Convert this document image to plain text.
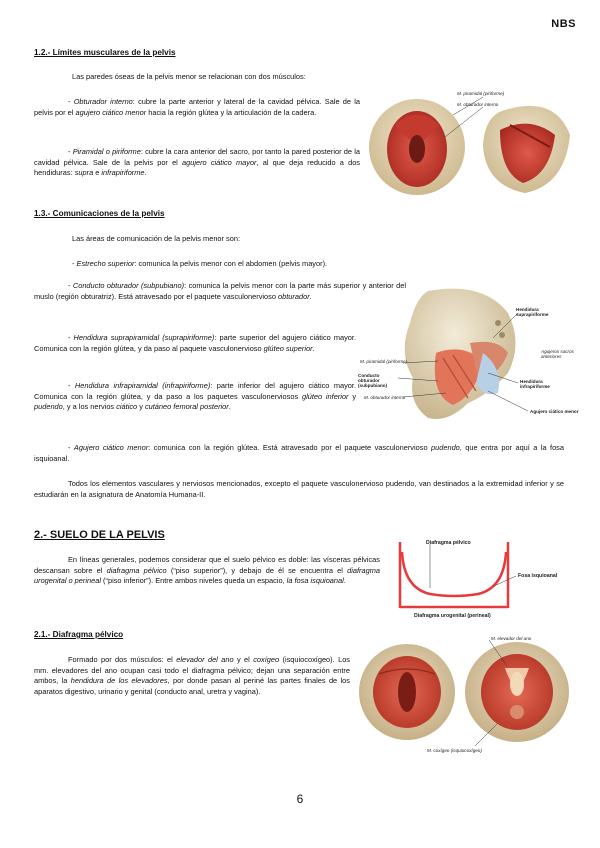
NBS
1.2.- Límites musculares de la pelvis
Las paredes óseas de la pelvis menor se relacionan con dos músculos:
- Obturador interno: cubre la parte anterior y lateral de la cavidad pélvica. Sale de la pelvis por el agujero ciático menor hacia la región glútea y la articulación de la cadera.
- Piramidal o piriforme: cubre la cara anterior del sacro, por tanto la pared posterior de la cavidad pélvica. Sale de la pelvis por el agujero ciático mayor, al que deja reducido a dos hendiduras: supra e infrapiriforme.
M. piramidal (piriforme)
M. obturador interno
1.3.- Comunicaciones de la pelvis
Las áreas de comunicación de la pelvis menor son:
- Estrecho superior: comunica la pelvis menor con el abdomen (pelvis mayor).
- Conducto obturador (subpubiano): comunica la pelvis menor con la parte más superior y anterior del muslo (región obturatriz). Está atravesado por el paquete vasculonervioso obturador.
- Hendidura suprapiramidal (suprapiriforme): parte superior del agujero ciático mayor. Comunica con la región glútea, y da paso al paquete vasculonervioso glúteo superior.
- Hendidura infrapiramidal (infrapiriforme): parte inferior del agujero ciático mayor. Comunica con la región glútea, y da paso a los paquetes vasculonerviosos glúteo inferior y pudendo, y a los nervios ciático y cutáneo femoral posterior.
- Agujero ciático menor: comunica con la región glútea. Está atravesado por el paquete vasculonervioso pudendo, que entra por aquí a la fosa isquioanal.
Todos los elementos vasculares y nerviosos mencionados, excepto el paquete vasculonervioso pudendo, van destinados a la extremidad inferior y se estudiarán en la asignatura de Anatomía Humana-II.
Hendidura suprapiriforme
M. piramidal (piriforme)
Conducto obturador (subpubiano)
M. obturador interno
Agujeros sacros anteriores
Hendidura infrapiriforme
Agujero ciático menor
2.- SUELO DE LA PELVIS
En líneas generales, podemos considerar que el suelo pélvico es doble: las vísceras pélvicas descansan sobre el diafragma pélvico (“piso superior”), y debajo de él se encuentra el diafragma urogenital o perineal (“piso inferior”). Entre ambos niveles queda un espacio, la fosa isquioanal.
Diafragma pélvico
Fosa isquioanal
Diafragma urogenital (perineal)
2.1.- Diafragma pélvico
Formado por dos músculos: el elevador del ano y el coxígeo (isquiocoxígeo). Los mm. elevadores del ano ocupan casi todo el diafragma pélvico; dejan una separación entre ambos, la hendidura de los elevadores, por donde pasan al periné las partes finales de los aparatos digestivo, urinario y genital (conducto anal, uretra y vagina).
M. elevador del ano
M. coxígeo (isquiocoxígeo)
6
